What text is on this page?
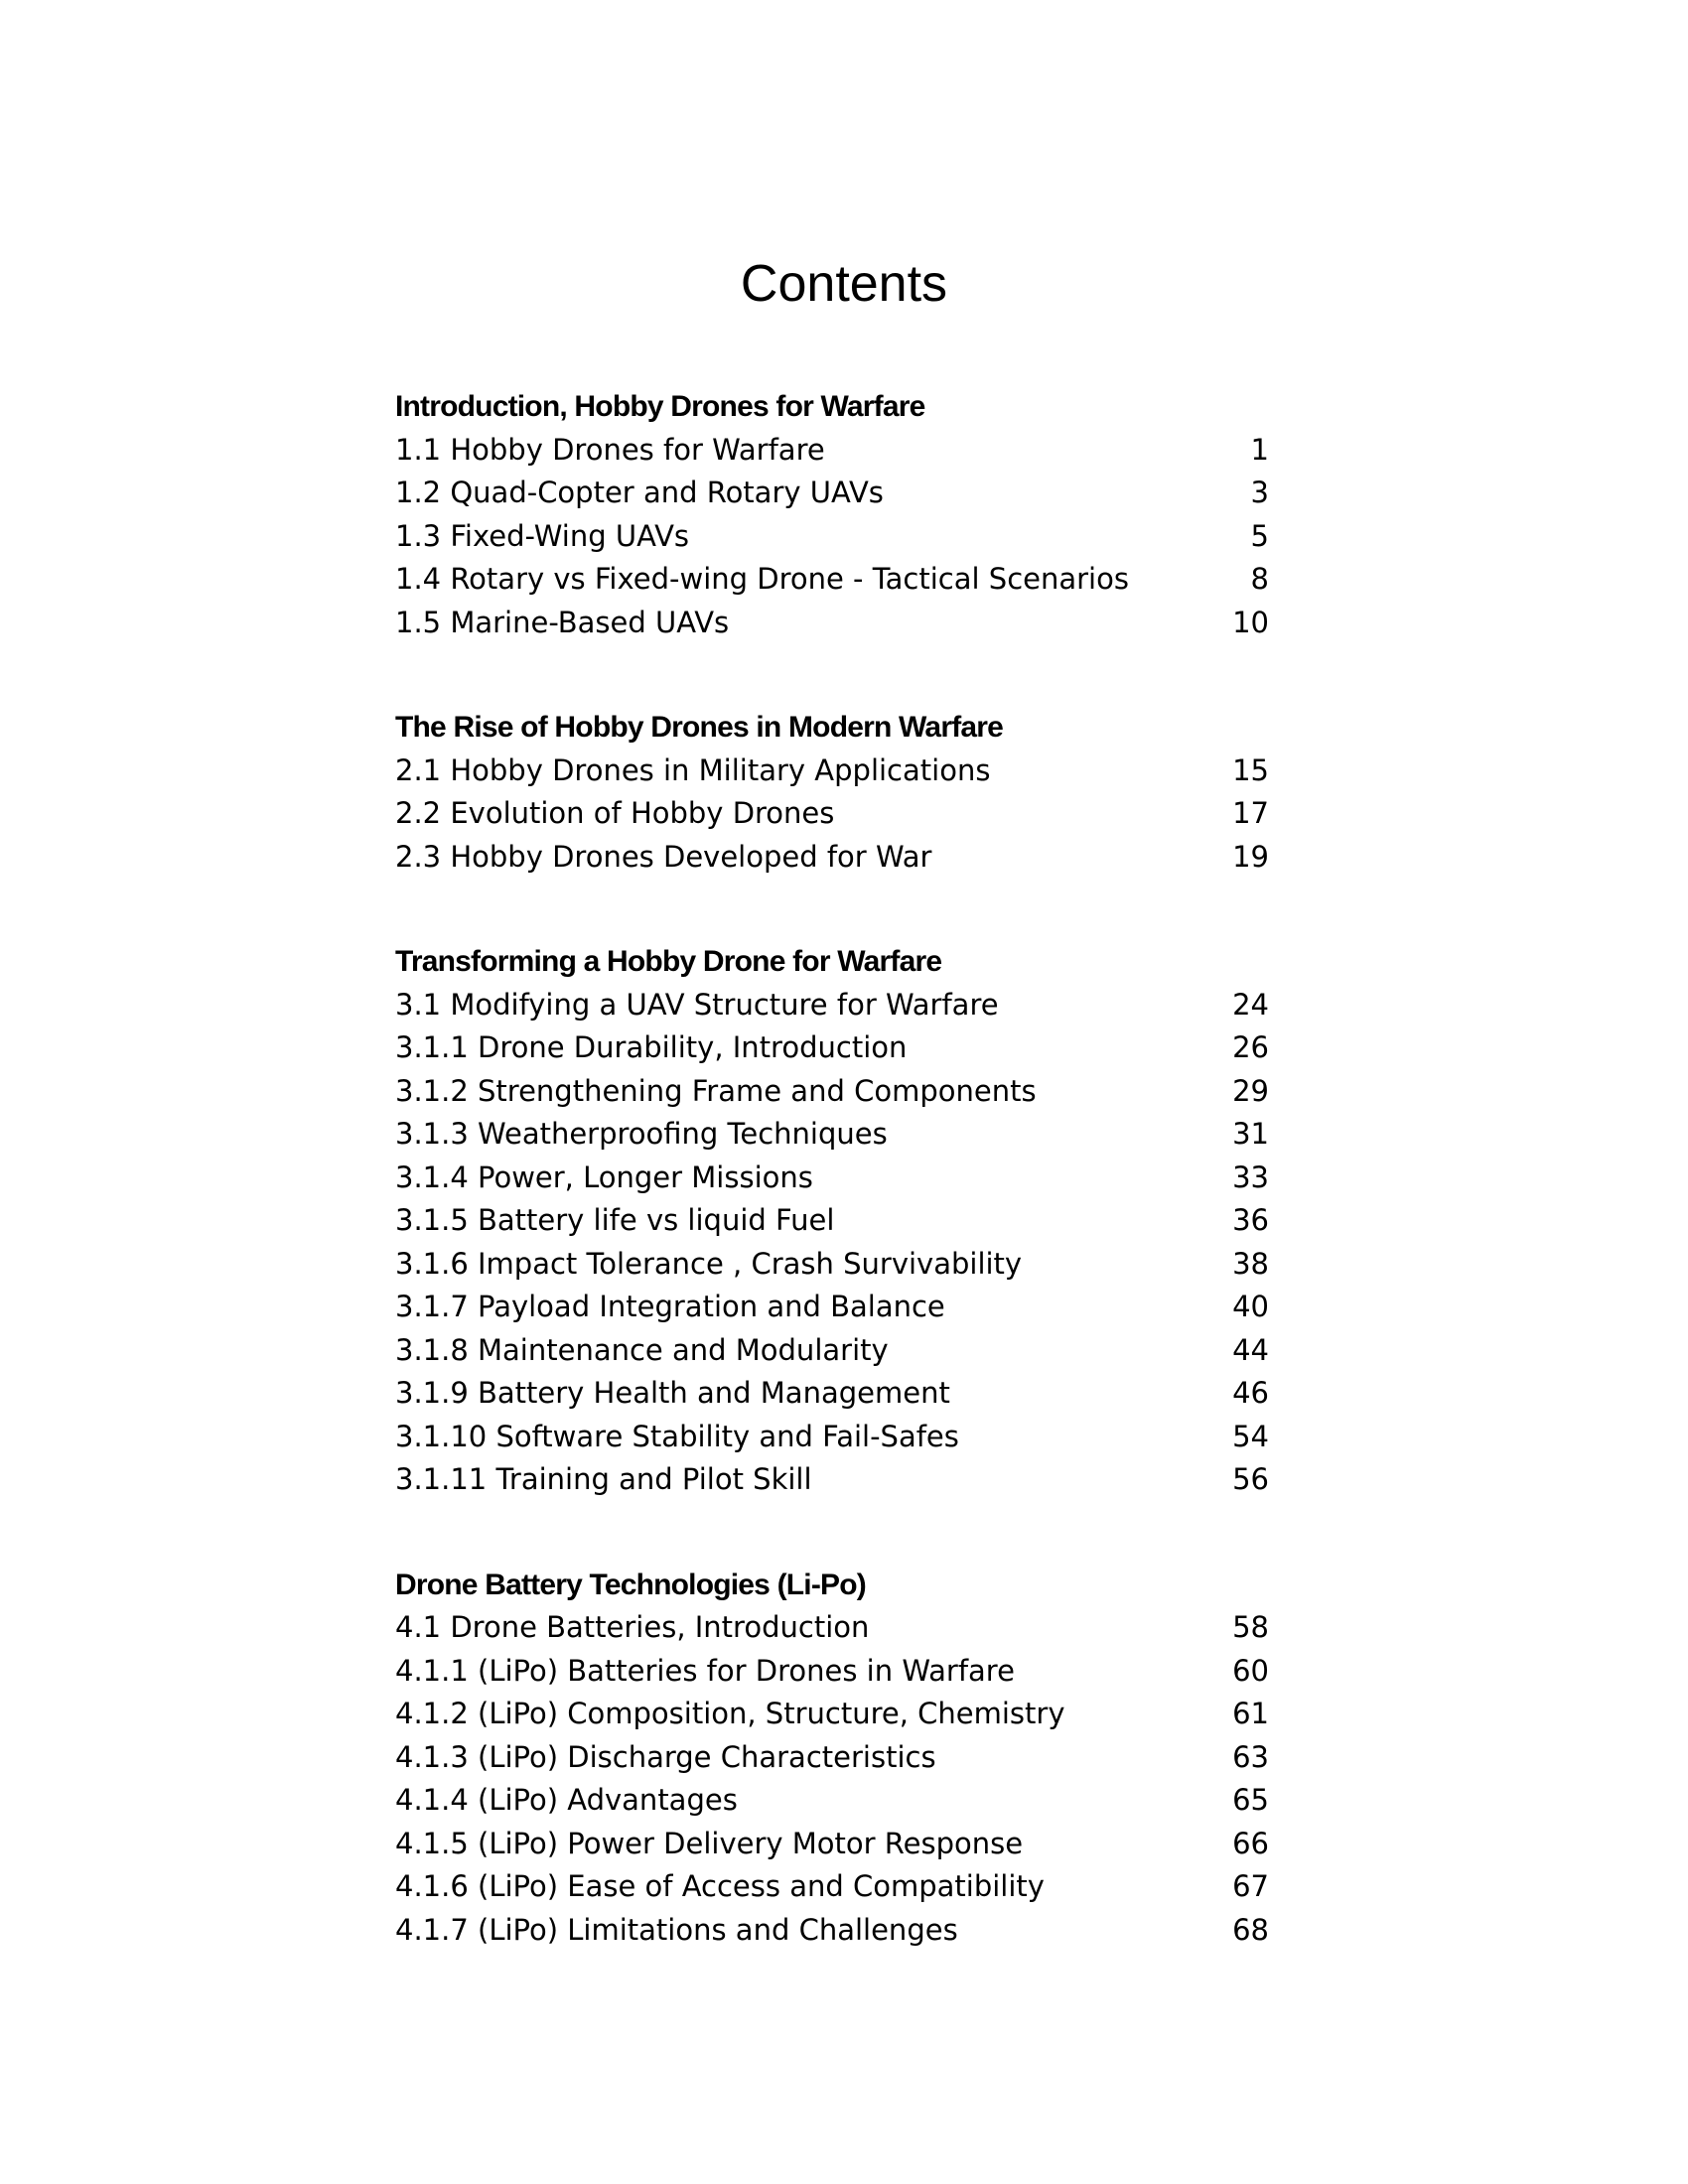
Contents
Introduction, Hobby Drones for Warfare
1.1 Hobby Drones for Warfare	1
1.2 Quad-Copter and Rotary UAVs	3
1.3 Fixed-Wing UAVs	5
1.4 Rotary vs Fixed-wing Drone - Tactical Scenarios	8
1.5 Marine-Based UAVs	10
The Rise of Hobby Drones in Modern Warfare
2.1 Hobby Drones in Military Applications	15
2.2 Evolution of Hobby Drones	17
2.3 Hobby Drones Developed for War	19
Transforming a Hobby Drone for Warfare
3.1 Modifying a UAV Structure for Warfare	24
3.1.1 Drone Durability, Introduction	26
3.1.2 Strengthening Frame and Components	29
3.1.3 Weatherproofing Techniques	31
3.1.4 Power, Longer Missions	33
3.1.5 Battery life vs liquid Fuel	36
3.1.6 Impact Tolerance , Crash Survivability	38
3.1.7 Payload Integration and Balance	40
3.1.8 Maintenance and Modularity	44
3.1.9 Battery Health and Management	46
3.1.10 Software Stability and Fail-Safes	54
3.1.11 Training and Pilot Skill	56
Drone Battery Technologies (Li-Po)
4.1 Drone Batteries, Introduction	58
4.1.1 (LiPo) Batteries for Drones in Warfare	60
4.1.2 (LiPo) Composition, Structure, Chemistry	61
4.1.3 (LiPo) Discharge Characteristics	63
4.1.4 (LiPo) Advantages	65
4.1.5 (LiPo) Power Delivery Motor Response	66
4.1.6 (LiPo) Ease of Access and Compatibility	67
4.1.7 (LiPo) Limitations and Challenges	68
